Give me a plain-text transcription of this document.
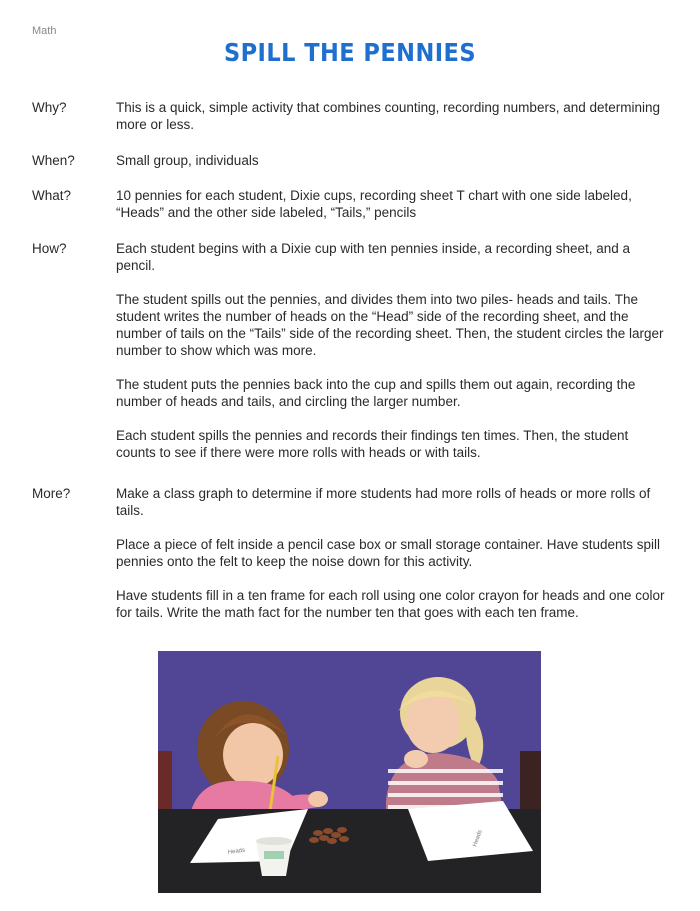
Math
SPILL THE PENNIES
Why?	This is a quick, simple activity that combines counting, recording numbers, and determining more or less.

When?	Small group, individuals

What?	10 pennies for each student, Dixie cups, recording sheet T chart with one side labeled, “Heads” and the other side labeled, “Tails,” pencils

How?	Each student begins with a Dixie cup with ten pennies inside, a recording sheet, and a pencil.

The student spills out the pennies, and divides them into two piles- heads and tails. The student writes the number of heads on the “Head” side of the recording sheet, and the number of tails on the “Tails” side of the recording sheet. Then, the student circles the larger number to show which was more.

The student puts the pennies back into the cup and spills them out again, recording the number of heads and tails, and circling the larger number.

Each student spills the pennies and records their findings ten times. Then, the student counts to see if there were more rolls with heads or with tails.

More?	Make a class graph to determine if more students had more rolls of heads or more rolls of tails.

Place a piece of felt inside a pencil case box or small storage container. Have students spill pennies onto the felt to keep the noise down for this activity.

Have students fill in a ten frame for each roll using one color crayon for heads and one color for tails. Write the math fact for the number ten that goes with each ten frame.

Heads
Heads
